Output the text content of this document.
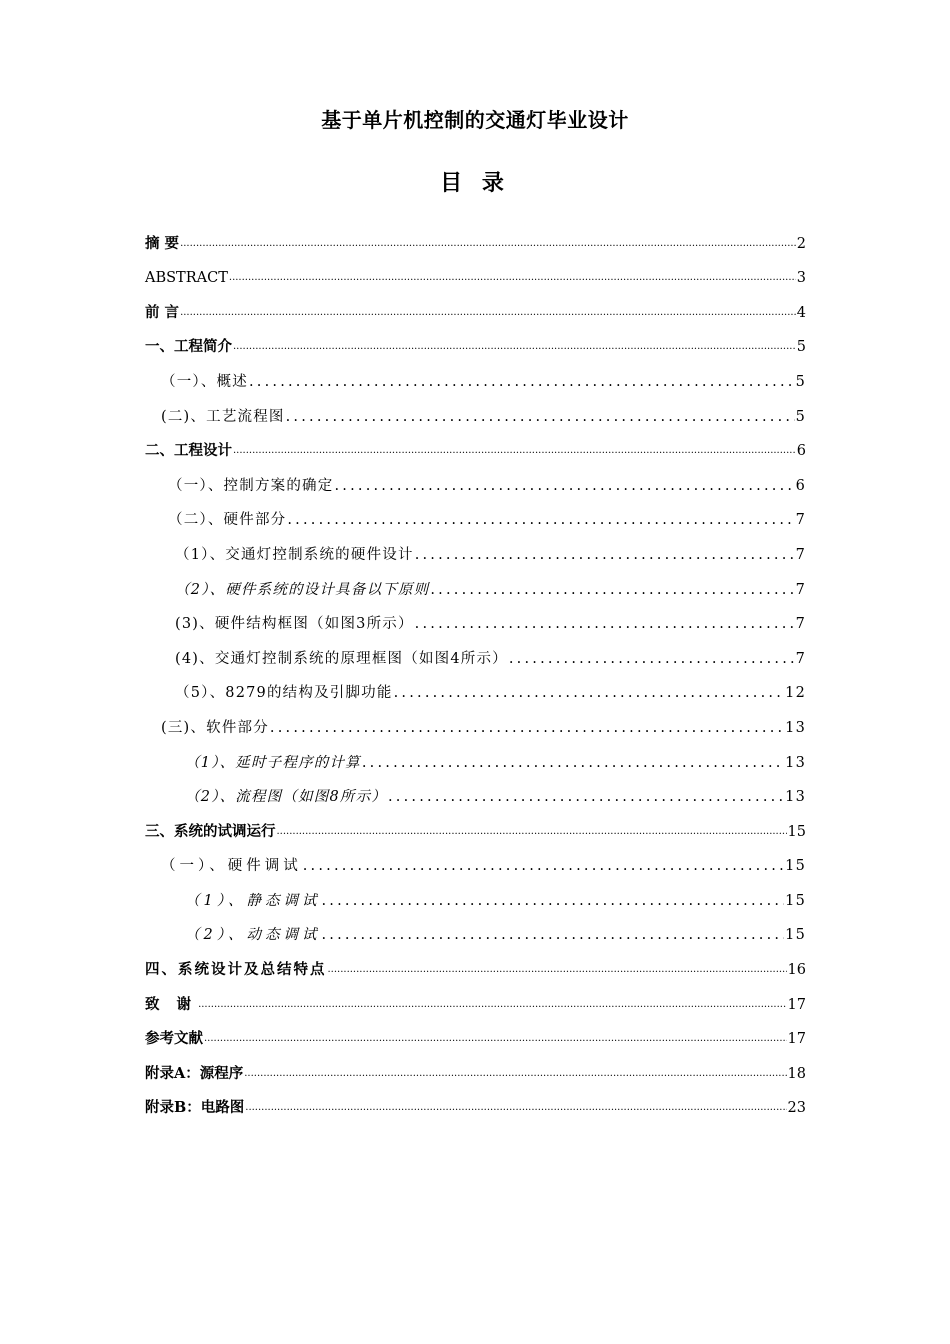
基于单片机控制的交通灯毕业设计
目 录
摘 要 .....	2
ABSTRACT .....	3
前 言 .....	4
一、工程简介 .....	5
（一）、概述 .....	5
(二)、工艺流程图 .....	5
二、工程设计 .....	6
（一）、控制方案的确定 .....	6
（二）、硬件部分 .....	7
（1）、交通灯控制系统的硬件设计 .....	7
（2）、硬件系统的设计具备以下原则 .....	7
(3)、硬件结构框图（如图3所示） .....	7
(4)、交通灯控制系统的原理框图（如图4所示） .....	7
（5）、8279的结构及引脚功能 .....	12
(三)、软件部分 .....	13
（1）、延时子程序的计算 .....	13
（2）、流程图（如图8所示） .....	13
三、系统的试调运行 .....	15
（一）、硬件调试 .....	15
（1）、静态调试 .....	15
（2）、动态调试 .....	15
四、系统设计及总结特点 .....	16
致 谢 .....	17
参考文献 .....	17
附录A：源程序 .....	18
附录B：电路图 .....	23
